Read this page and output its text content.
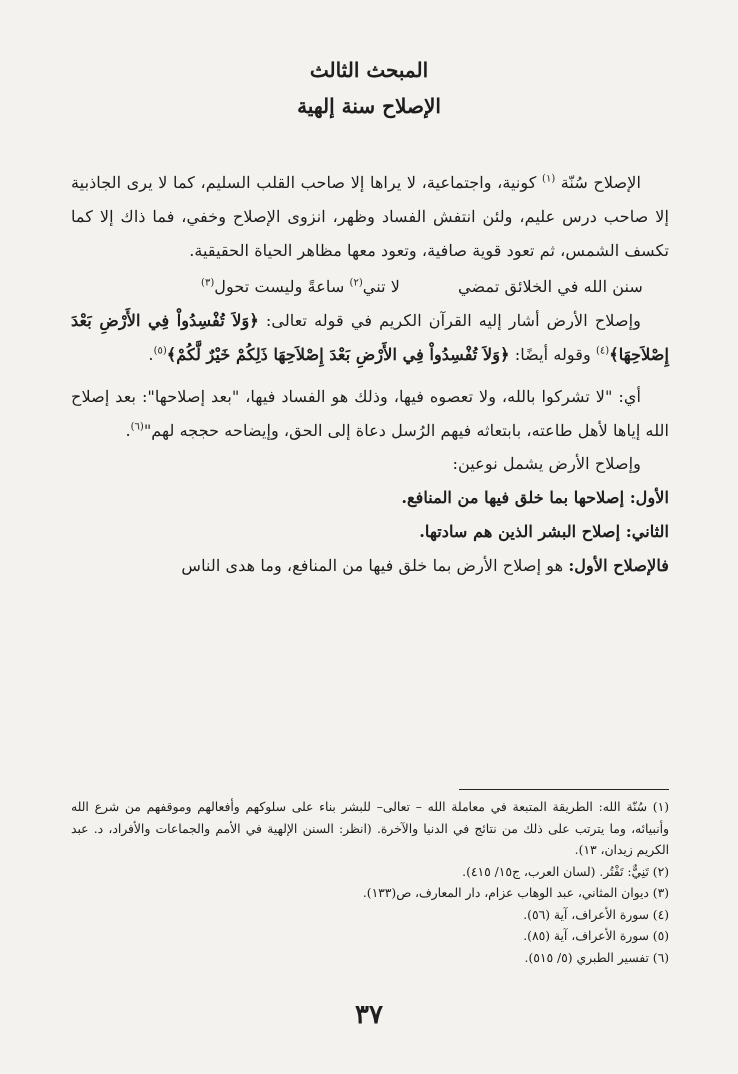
المبحث الثالث

الإصلاح سنة إلهية

الإصلاح سُنّة $^{(١)}$ كونية، واجتماعية، لا يراها إلا صاحب القلب السليم، كما لا يرى الجاذبية إلا صاحب درس عليم، ولئن انتفش الفساد وظهر، انزوى الإصلاح وخفي، فما ذاك إلا كما تكسف الشمس، ثم تعود قوية صافية، وتعود معها مظاهر الحياة الحقيقية.

سنن الله في الخلائق تمضي
لا تني$^{(٢)}$ ساعةً وليست تحول$^{(٣)}$

وإصلاح الأرض أشار إليه القرآن الكريم في قوله تعالى: ﴿وَلاَ تُفْسِدُواْ فِي الأَرْضِ بَعْدَ إِصْلاَحِهَا﴾$^{(٤)}$ وقوله أيضًا: ﴿وَلاَ تُفْسِدُواْ فِي الأَرْضِ بَعْدَ إِصْلاَحِهَا ذَلِكُمْ خَيْرٌ لَّكُمْ﴾$^{(٥)}$.

أي: "لا تشركوا بالله، ولا تعصوه فيها، وذلك هو الفساد فيها، "بعد إصلاحها": بعد إصلاح الله إياها لأهل طاعته، بابتعاثه فيهم الرُسل دعاة إلى الحق، وإيضاحه حججه لهم"$^{(٦)}$.

وإصلاح الأرض يشمل نوعين:

الأول: إصلاحها بما خلق فيها من المنافع.

الثاني: إصلاح البشر الذين هم سادتها.

فالإصلاح الأول: هو إصلاح الأرض بما خلق فيها من المنافع، وما هدى الناس

(١) سُنّة الله: الطريقة المتبعة في معاملة الله – تعالى– للبشر بناء على سلوكهم وأفعالهم وموقفهم من شرع الله وأنبيائه، وما يترتب على ذلك من نتائج في الدنيا والآخرة. (انظر: السنن الإلهية في الأمم والجماعات والأفراد، د. عبد الكريم زيدان، ١٣).

(٢) تَنِيٌّ: تَفْتُر. (لسان العرب، ج١٥/ ٤١٥).

(٣) ديوان المثاني، عبد الوهاب عزام، دار المعارف، ص(١٣٣).

(٤) سورة الأعراف، آية (٥٦).

(٥) سورة الأعراف، آية (٨٥).

(٦) تفسير الطبري (٥/ ٥١٥).

٣٧
